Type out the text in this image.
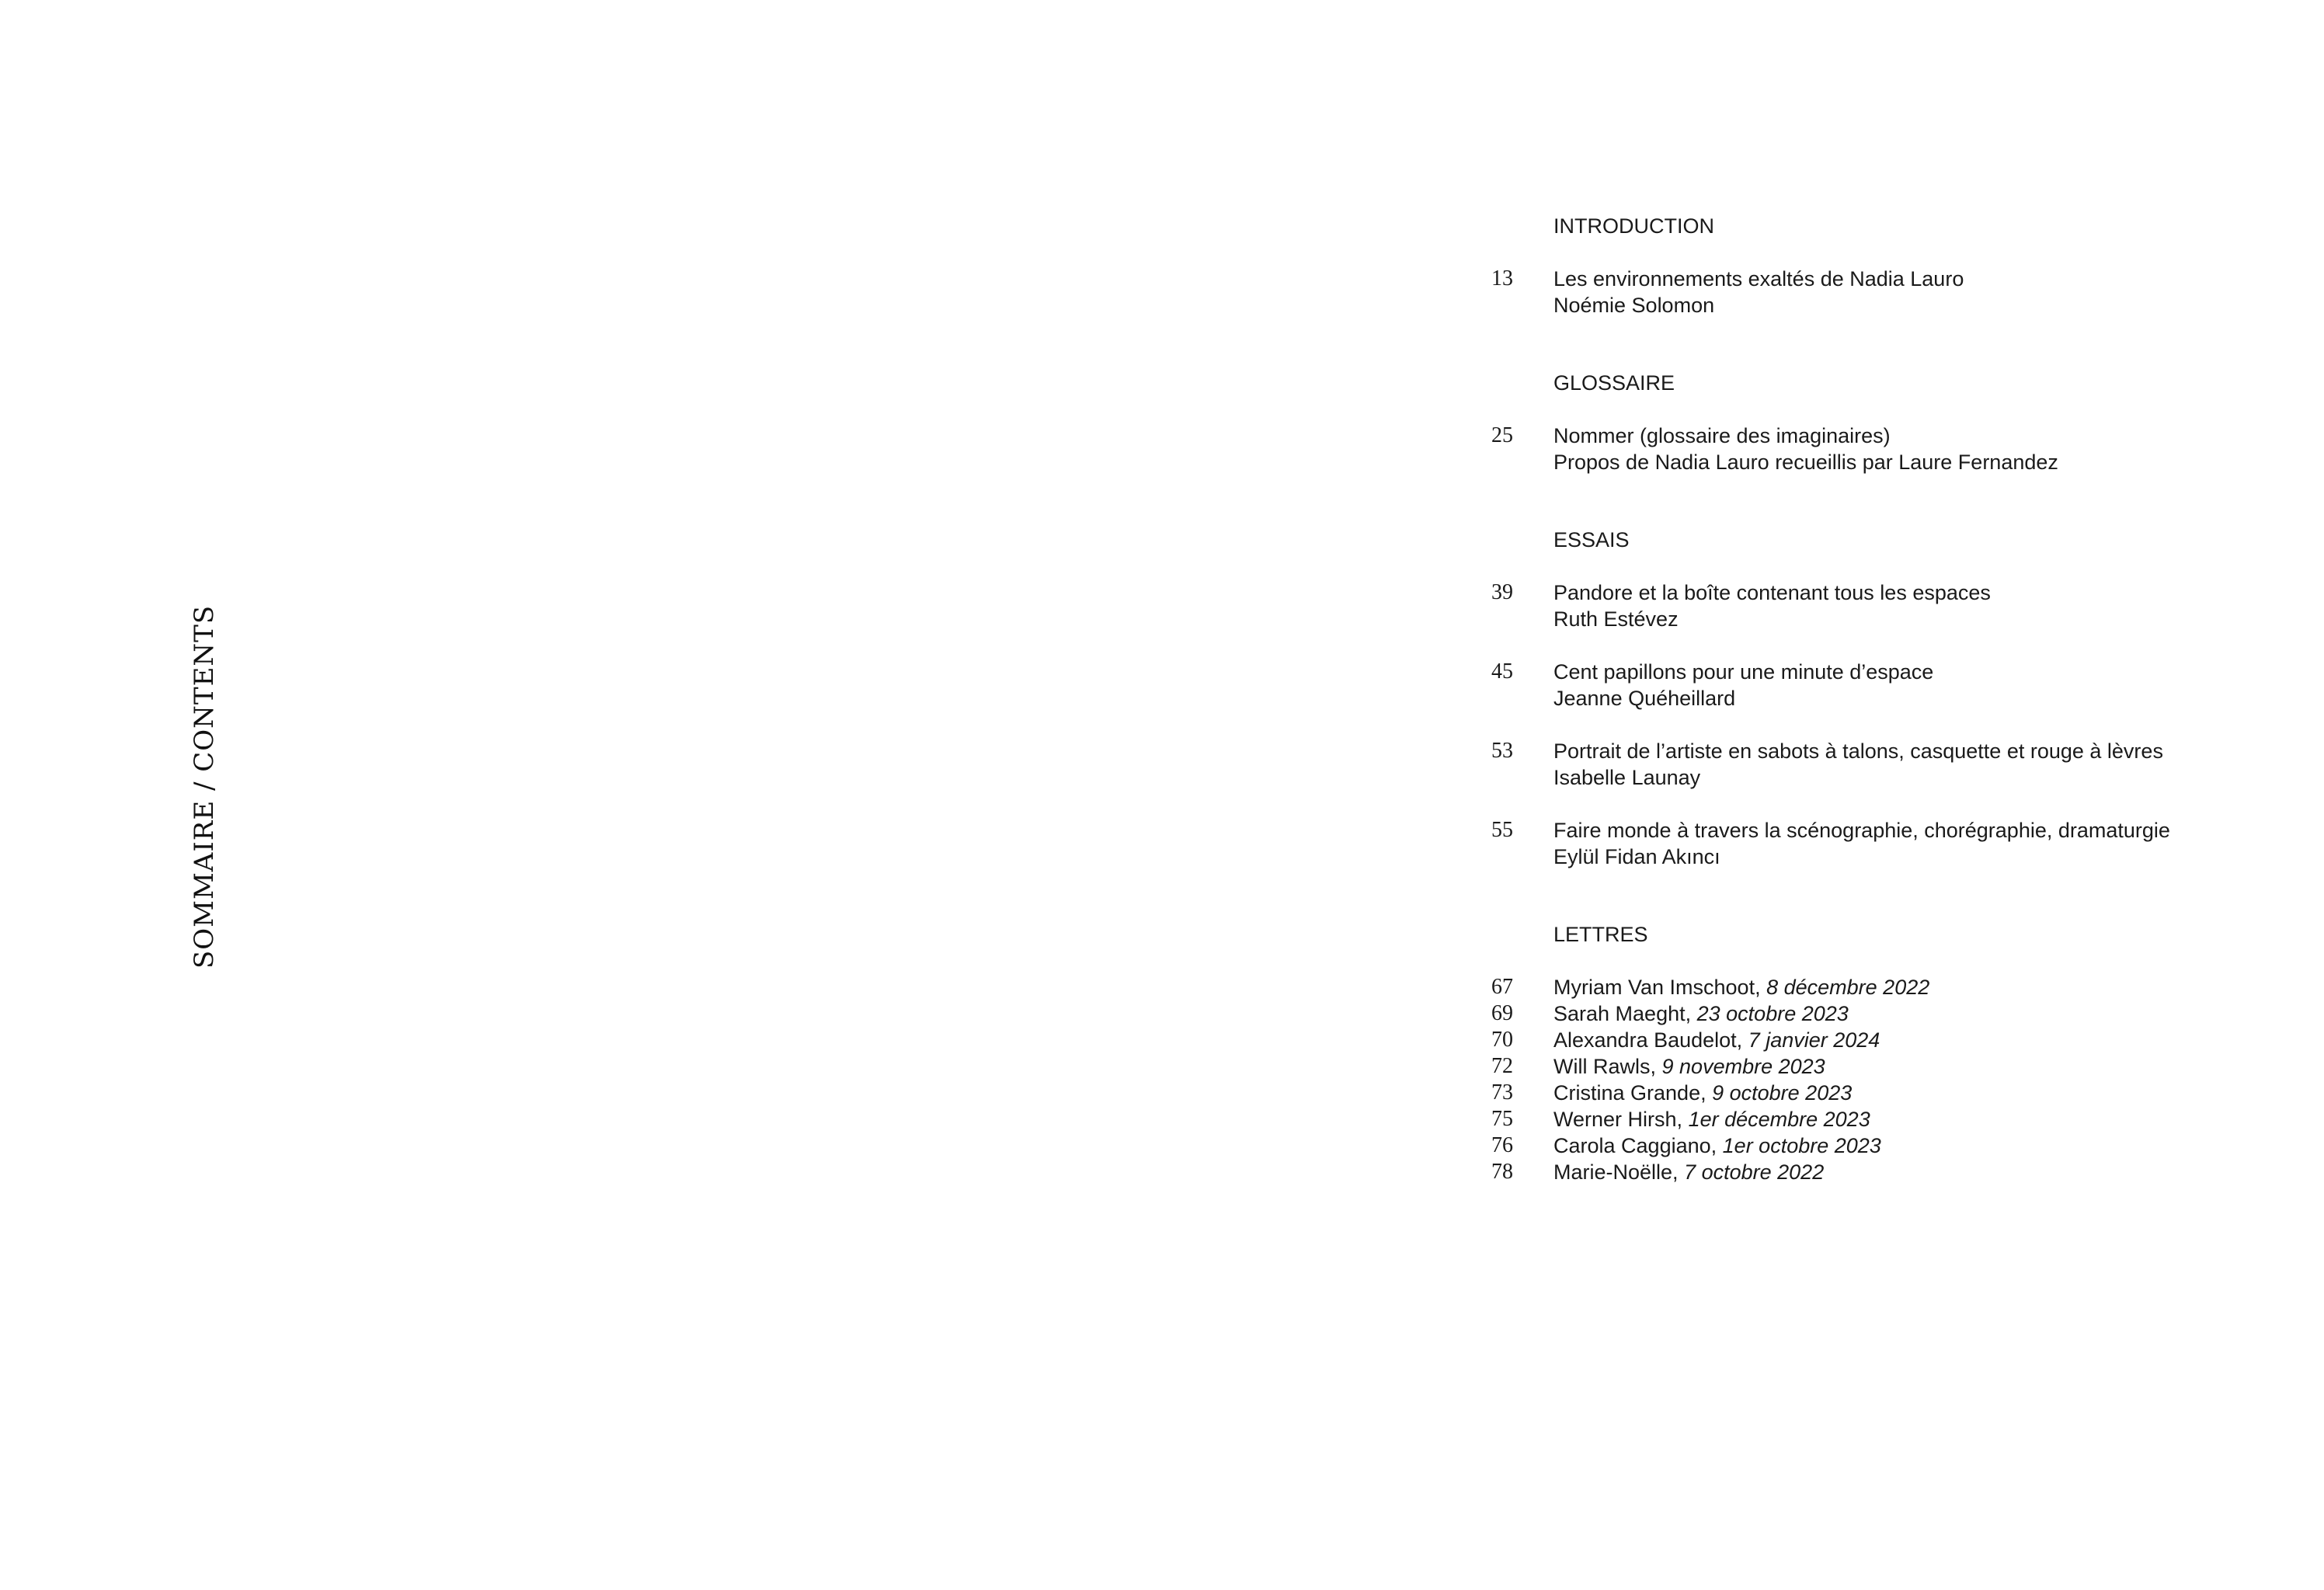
SOMMAIRE / CONTENTS
INTRODUCTION
13	Les environnements exaltés de Nadia Lauro
Noémie Solomon
GLOSSAIRE
25	Nommer (glossaire des imaginaires)
Propos de Nadia Lauro recueillis par Laure Fernandez
ESSAIS
39	Pandore et la boîte contenant tous les espaces
Ruth Estévez
45	Cent papillons pour une minute d’espace
Jeanne Quéheillard
53	Portrait de l’artiste en sabots à talons, casquette et rouge à lèvres
Isabelle Launay
55	Faire monde à travers la scénographie, chorégraphie, dramaturgie
Eylül Fidan Akıncı
LETTRES
67	Myriam Van Imschoot, 8 décembre 2022
69	Sarah Maeght, 23 octobre 2023
70	Alexandra Baudelot, 7 janvier 2024
72	Will Rawls, 9 novembre 2023
73	Cristina Grande, 9 octobre 2023
75	Werner Hirsh, 1er décembre 2023
76	Carola Caggiano, 1er octobre 2023
78	Marie-Noëlle, 7 octobre 2022
